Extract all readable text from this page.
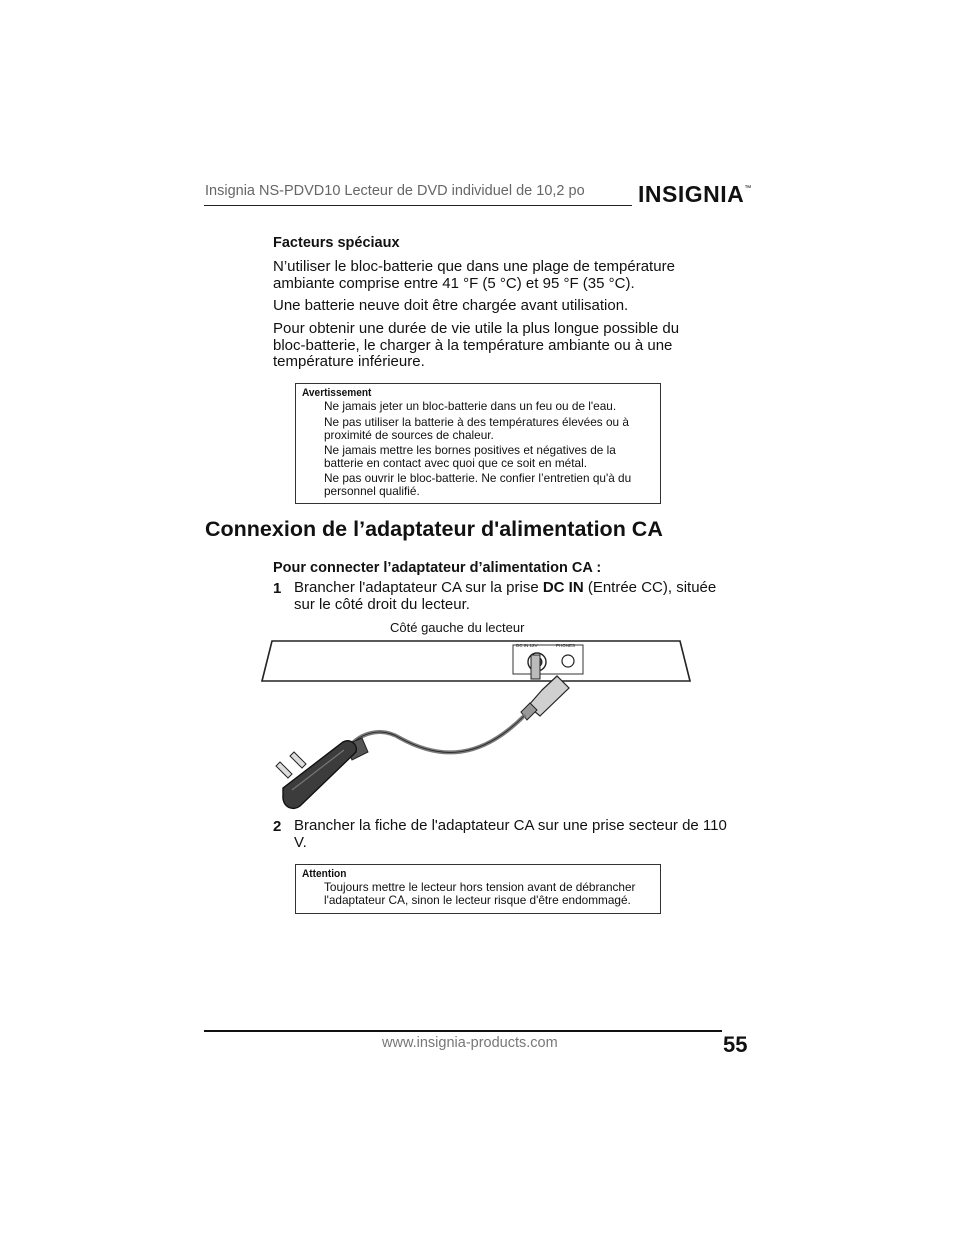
Insignia NS-PDVD10 Lecteur de DVD individuel de 10,2 po INSIGNIA™
Facteurs spéciaux
N’utiliser le bloc-batterie que dans une plage de température ambiante comprise entre 41 °F (5 °C) et 95 °F (35 °C).
Une batterie neuve doit être chargée avant utilisation.
Pour obtenir une durée de vie utile la plus longue possible du bloc-batterie, le charger à la température ambiante ou à une température inférieure.
Avertissement
Ne jamais jeter un bloc-batterie dans un feu ou de l'eau.
Ne pas utiliser la batterie à des températures élevées ou à proximité de sources de chaleur.
Ne jamais mettre les bornes positives et négatives de la batterie en contact avec quoi que ce soit en métal.
Ne pas ouvrir le bloc-batterie. Ne confier l’entretien qu'à du personnel qualifié.
Connexion de l’adaptateur d'alimentation CA
Pour connecter l’adaptateur d’alimentation CA :
1 Brancher l'adaptateur CA sur la prise DC IN (Entrée CC), située sur le côté droit du lecteur.
Côté gauche du lecteur
DC IN 12V	PHONES
2 Brancher la fiche de l'adaptateur CA sur une prise secteur de 110 V.
Attention
Toujours mettre le lecteur hors tension avant de débrancher l'adaptateur CA, sinon le lecteur risque d'être endommagé.
www.insignia-products.com	55
